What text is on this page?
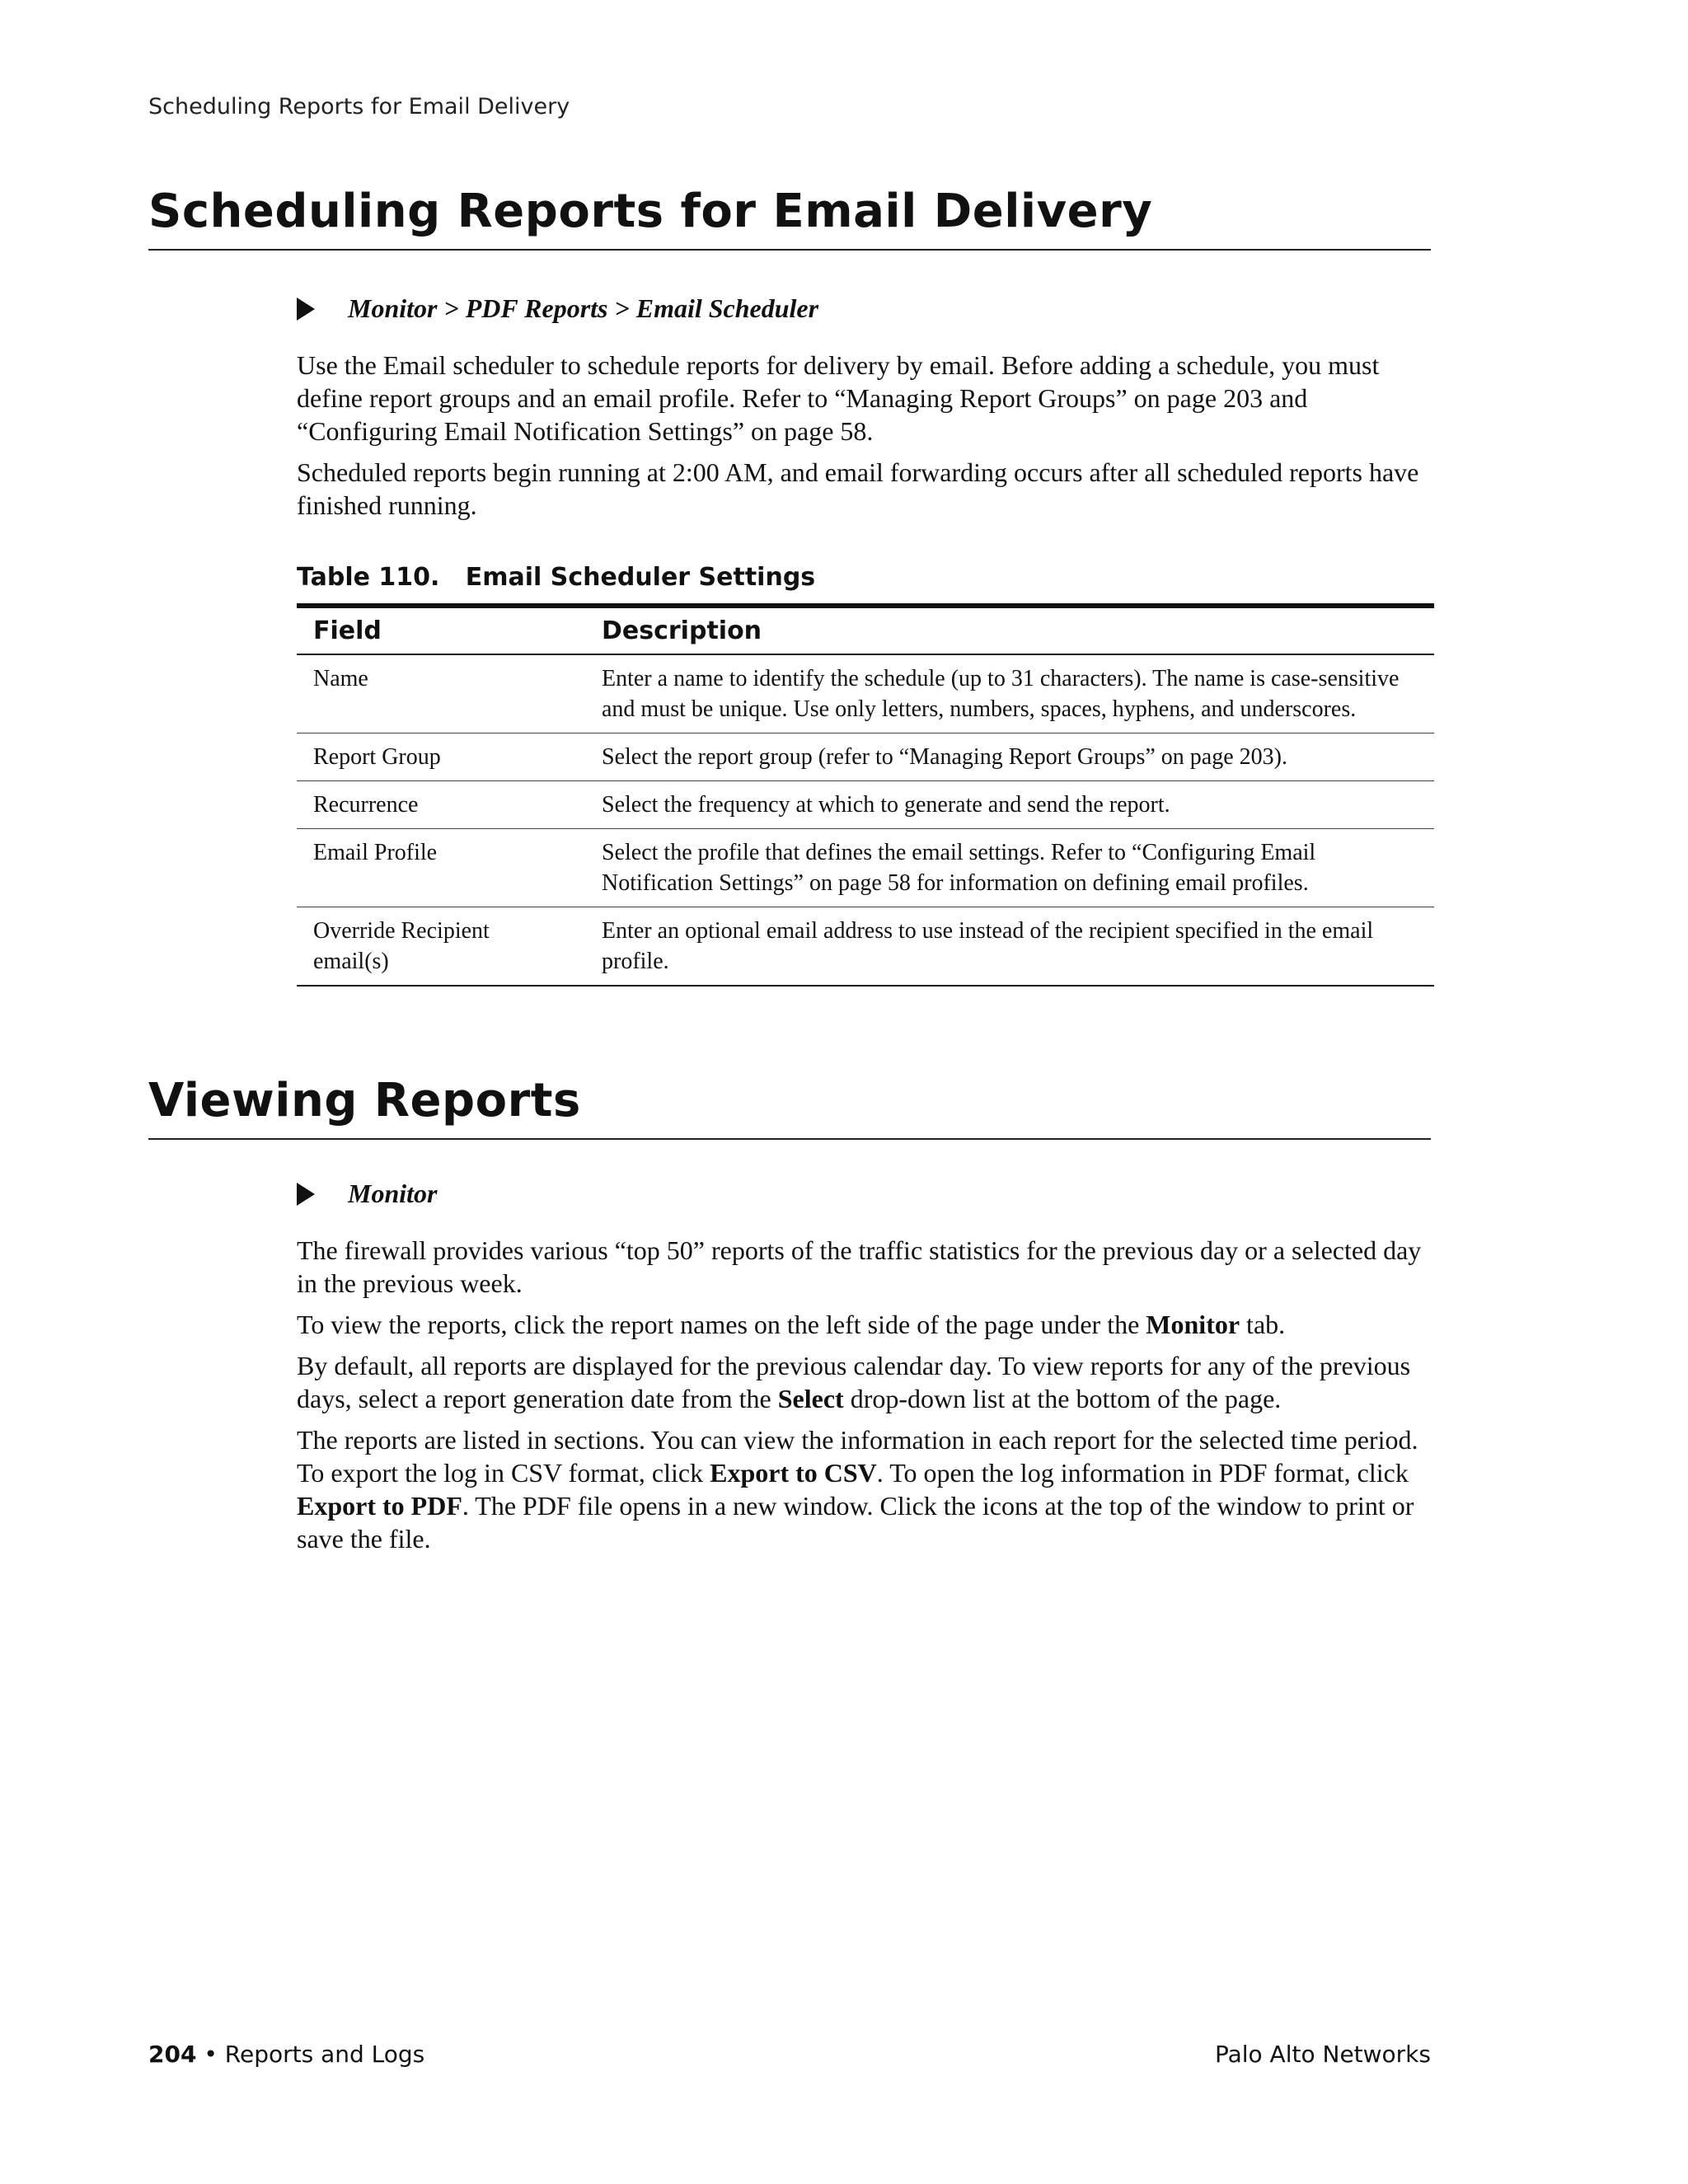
Scheduling Reports for Email Delivery
Scheduling Reports for Email Delivery
Monitor > PDF Reports > Email Scheduler

Use the Email scheduler to schedule reports for delivery by email. Before adding a schedule, you must define report groups and an email profile. Refer to “Managing Report Groups” on page 203 and “Configuring Email Notification Settings” on page 58.

Scheduled reports begin running at 2:00 AM, and email forwarding occurs after all scheduled reports have finished running.

Table 110.   Email Scheduler Settings
Field	Description
Name	Enter a name to identify the schedule (up to 31 characters). The name is case-sensitive and must be unique. Use only letters, numbers, spaces, hyphens, and underscores.
Report Group	Select the report group (refer to “Managing Report Groups” on page 203).
Recurrence	Select the frequency at which to generate and send the report.
Email Profile	Select the profile that defines the email settings. Refer to “Configuring Email Notification Settings” on page 58 for information on defining email profiles.
Override Recipient email(s)	Enter an optional email address to use instead of the recipient specified in the email profile.
Viewing Reports
Monitor

The firewall provides various “top 50” reports of the traffic statistics for the previous day or a selected day in the previous week.

To view the reports, click the report names on the left side of the page under the Monitor tab.

By default, all reports are displayed for the previous calendar day. To view reports for any of the previous days, select a report generation date from the Select drop-down list at the bottom of the page.

The reports are listed in sections. You can view the information in each report for the selected time period. To export the log in CSV format, click Export to CSV. To open the log information in PDF format, click Export to PDF. The PDF file opens in a new window. Click the icons at the top of the window to print or save the file.

204 • Reports and Logs	Palo Alto Networks
